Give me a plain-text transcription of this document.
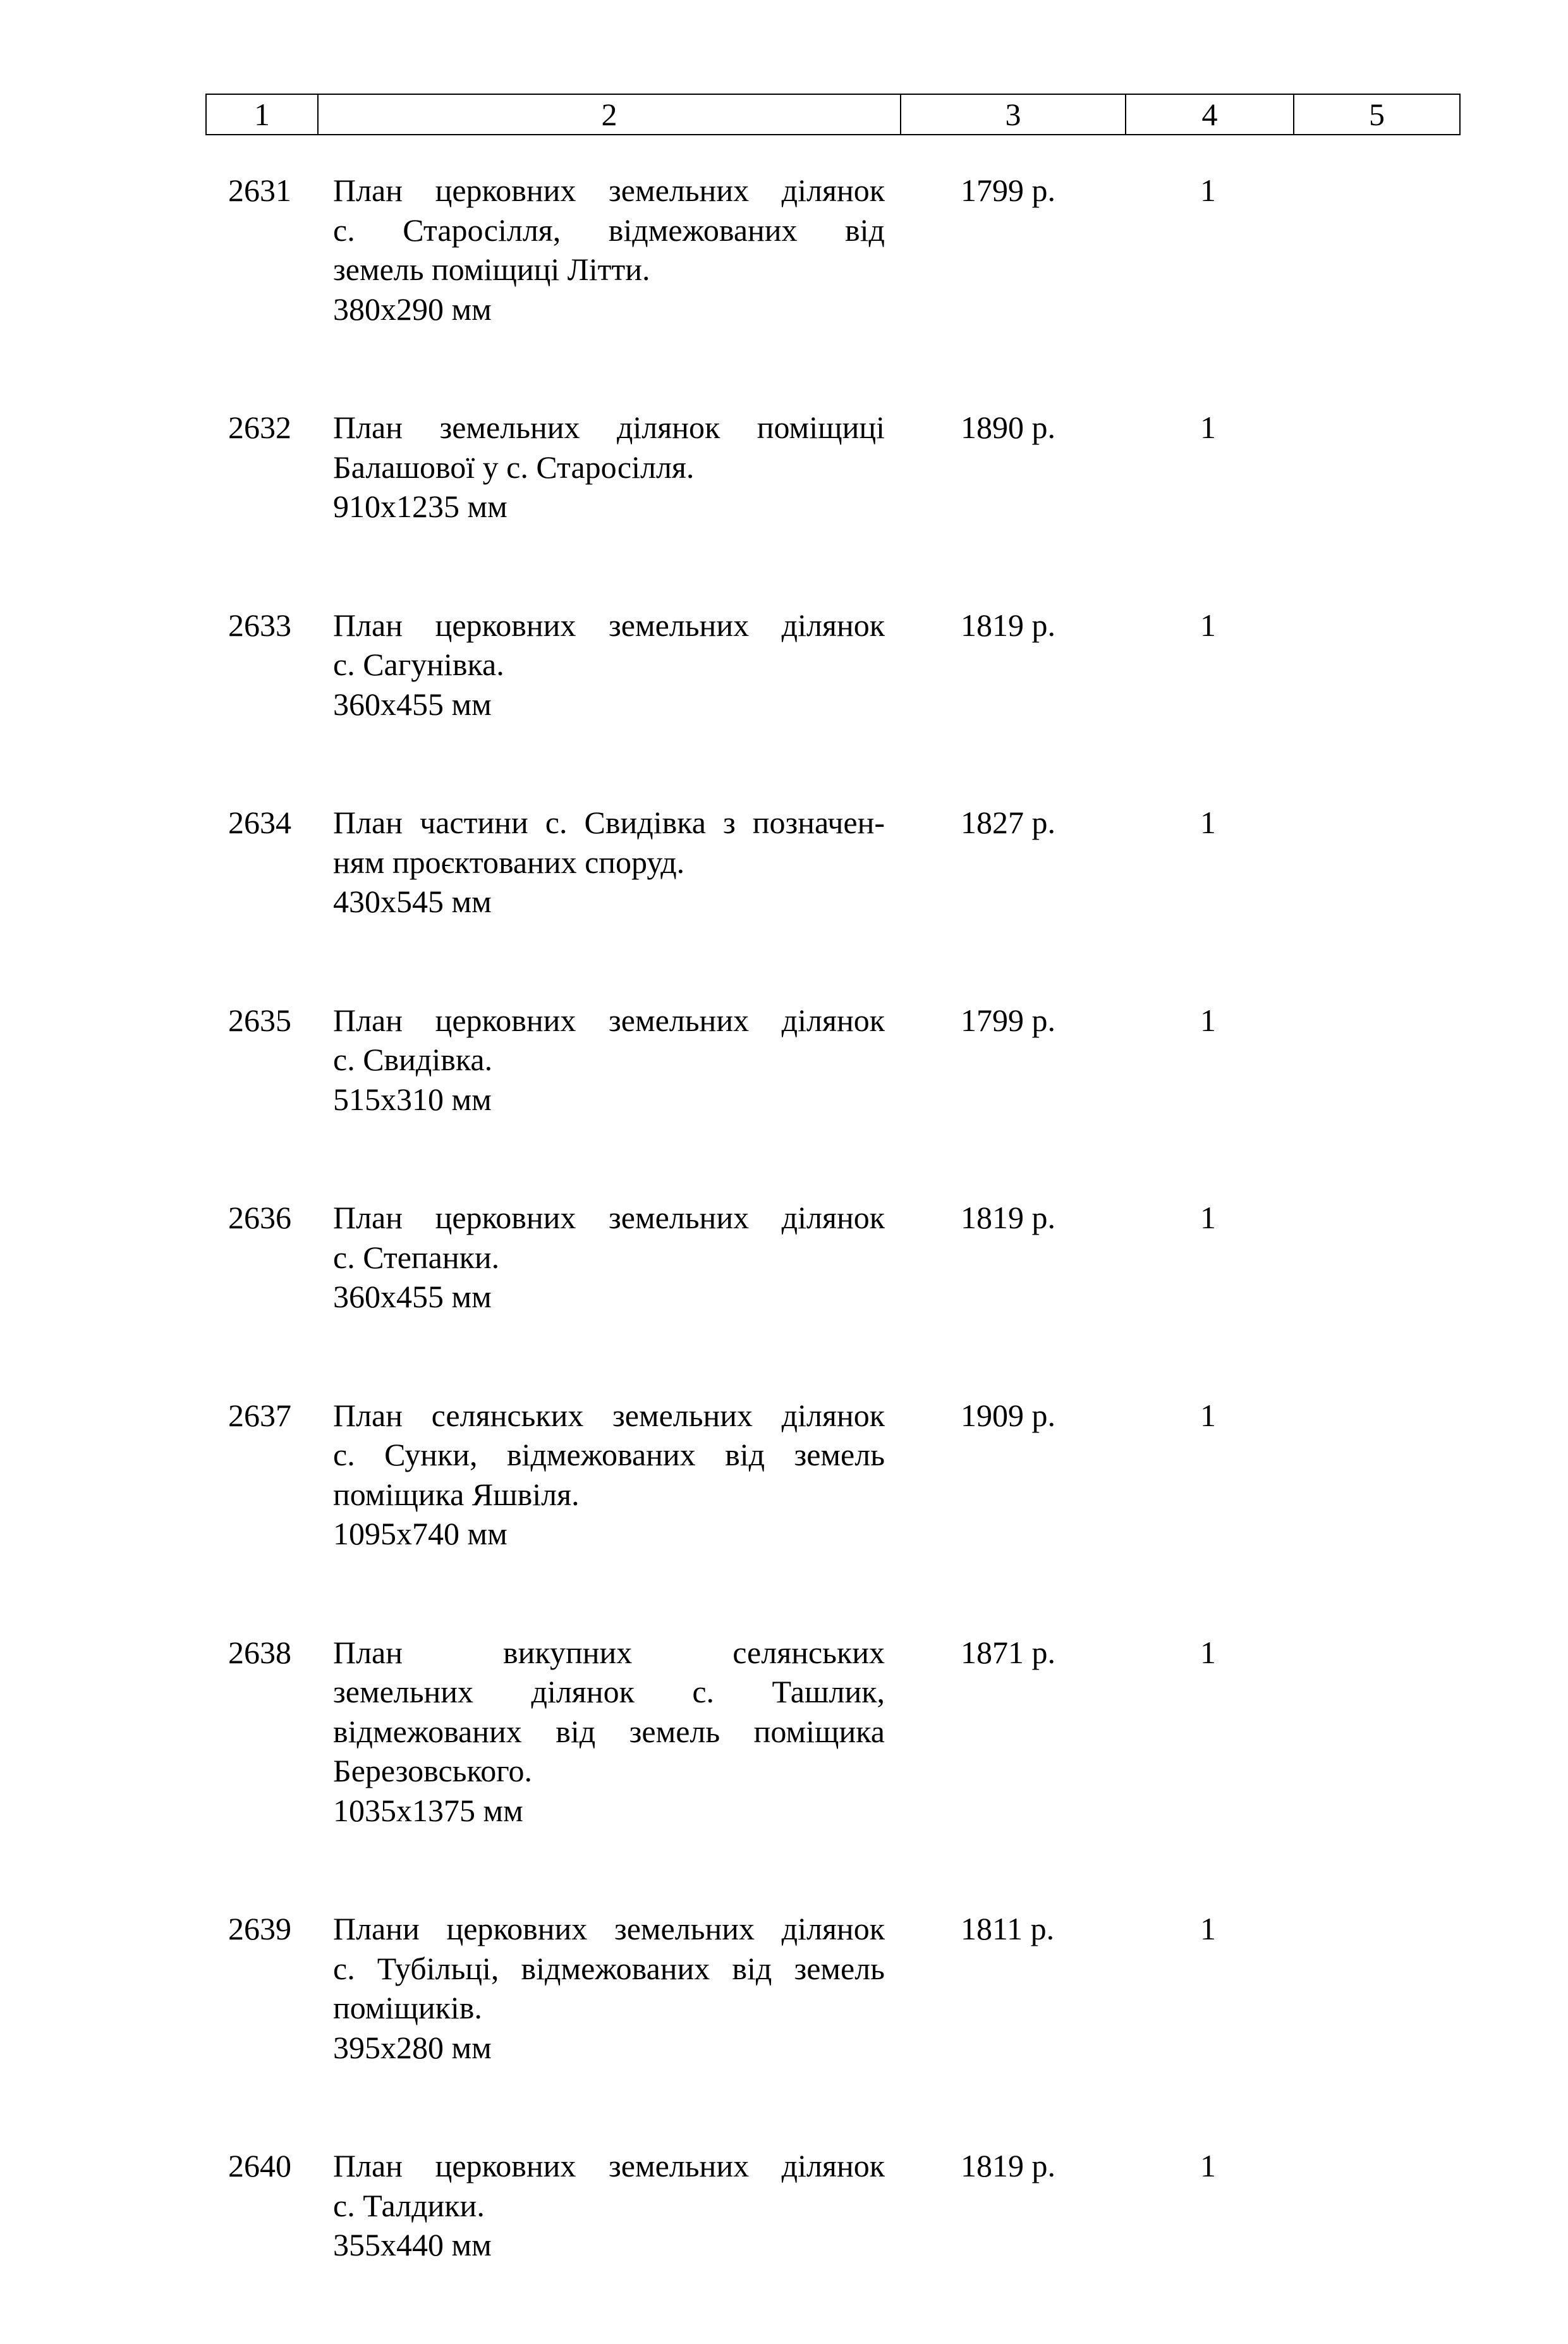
1	2	3	4	5
2631	План церковних земельних ділянок
с. Старосілля, відмежованих від
земель поміщиці Літти.
380х290 мм
1799 р.	1
2632	План земельних ділянок поміщиці
Балашової у с. Старосілля.
910х1235 мм
1890 р.	1
2633	План церковних земельних ділянок
с. Сагунівка.
360х455 мм
1819 р.	1
2634	План частини с. Свидівка з позначен-
ням проєктованих споруд.
430х545 мм
1827 р.	1
2635	План церковних земельних ділянок
с. Свидівка.
515х310 мм
1799 р.	1
2636	План церковних земельних ділянок
с. Степанки.
360х455 мм
1819 р.	1
2637	План селянських земельних ділянок
с. Сунки, відмежованих від земель
поміщика Яшвіля.
1095х740 мм
1909 р.	1
2638	План викупних селянських
земельних ділянок с. Ташлик,
відмежованих від земель поміщика
Березовського.
1035х1375 мм
1871 р.	1
2639	Плани церковних земельних ділянок
с. Тубільці, відмежованих від земель
поміщиків.
395х280 мм
1811 р.	1
2640	План церковних земельних ділянок
с. Талдики.
355х440 мм
1819 р.	1
